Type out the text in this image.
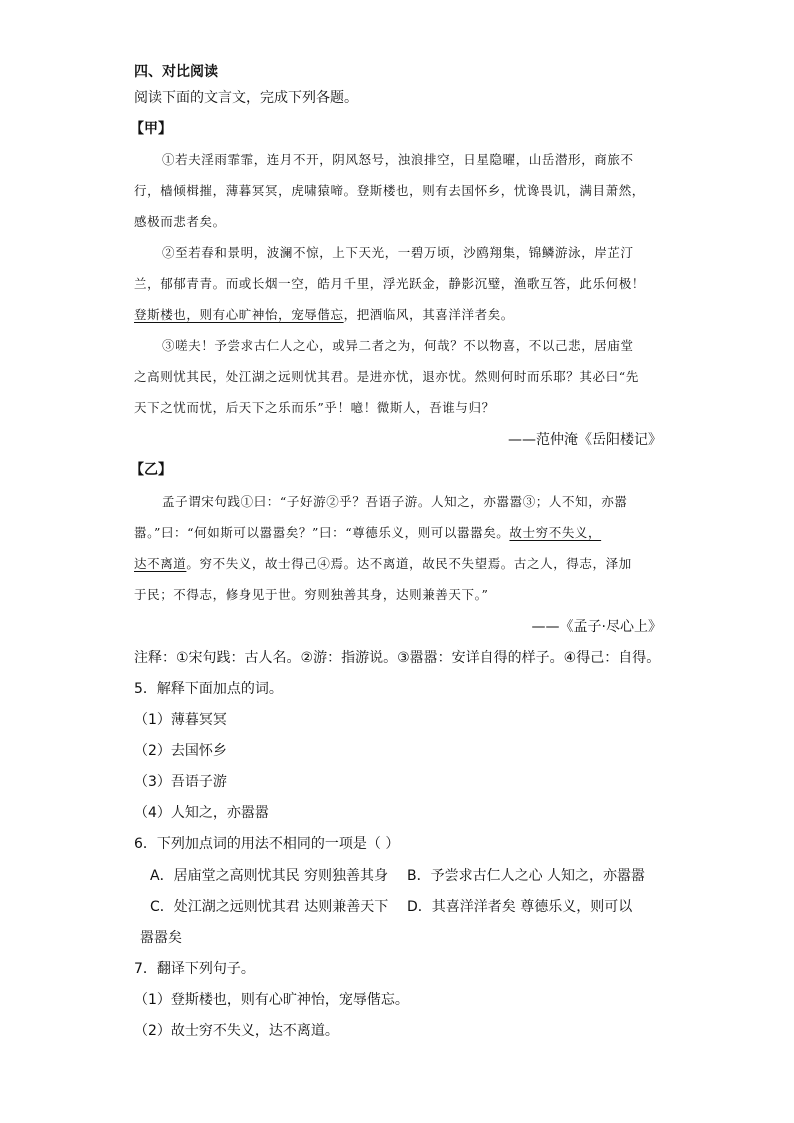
四、对比阅读
阅读下面的文言文，完成下列各题。
【甲】
①若夫淫雨霏霏，连月不开，阴风怒号，浊浪排空，日星隐曜，山岳潜形，商旅不
行，樯倾楫摧，薄暮冥冥，虎啸猿啼。登斯楼也，则有去国怀乡，忧谗畏讥，满目萧然，
感极而悲者矣。
②至若春和景明，波澜不惊，上下天光，一碧万顷，沙鸥翔集，锦鳞游泳，岸芷汀
兰，郁郁青青。而或长烟一空，皓月千里，浮光跃金，静影沉璧，渔歌互答，此乐何极！
登斯楼也，则有心旷神怡，宠辱偕忘，把酒临风，其喜洋洋者矣。
③嗟夫！予尝求古仁人之心，或异二者之为，何哉？不以物喜，不以己悲，居庙堂
之高则忧其民，处江湖之远则忧其君。是进亦忧，退亦忧。然则何时而乐耶？其必曰“先
天下之忧而忧，后天下之乐而乐”乎！噫！微斯人，吾谁与归？
——范仲淹《岳阳楼记》
【乙】
孟子谓宋句践①曰：“子好游②乎？吾语子游。人知之，亦嚣嚣③；人不知，亦嚣
嚣。”曰：“何如斯可以嚣嚣矣？”曰：“尊德乐义，则可以嚣嚣矣。故士穷不失义，
达不离道。穷不失义，故士得己④焉。达不离道，故民不失望焉。古之人，得志，泽加
于民；不得志，修身见于世。穷则独善其身，达则兼善天下。”
——《孟子·尽心上》
注释：①宋句践：古人名。②游：指游说。③嚣嚣：安详自得的样子。④得己：自得。
5．解释下面加点的词。
（1）薄暮冥冥
（2）去国怀乡
（3）吾语子游
（4）人知之，亦嚣嚣
6．下列加点词的用法不相同的一项是（ ）
A．居庙堂之高则忧其民 穷则独善其身 B．予尝求古仁人之心 人知之，亦嚣嚣
C．处江湖之远则忧其君 达则兼善天下 D．其喜洋洋者矣 尊德乐义，则可以
嚣嚣矣
7．翻译下列句子。
（1）登斯楼也，则有心旷神怡，宠辱偕忘。
（2）故士穷不失义，达不离道。
